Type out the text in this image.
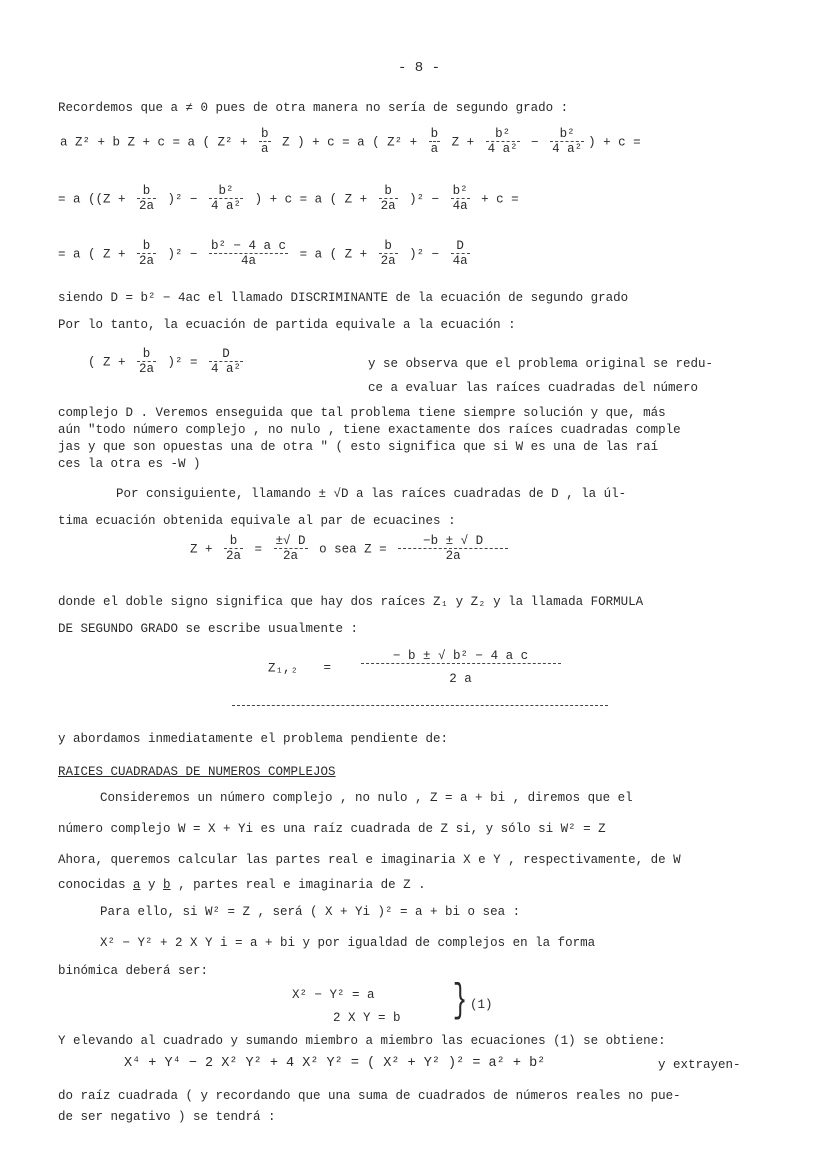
- 8 -
Recordemos que a ≠ 0 pues de otra manera no sería de segundo grado :
a Z² + b Z + c = a ( $Z^2 + \frac{b}{a}$ Z ) + c = a ( $Z^2 + \frac{b}{a}$ $Z + \frac{\text{b²}}{\text{4 a²}} - \frac{\text{b²}}{\text{4 a²}}$ ) + c =
= a ($(Z + \frac{b}{2a} )^2 - \frac{\text{b²}}{\text{4 a²}}$ ) + c = a ( $Z + \frac{b}{2a} )^2 - \frac{\text{b²}}{4a} + c$ =
= a ( $Z + \frac{b}{2a} )^2 - \frac{\text{b² − 4 a c}}{4a} = a$ ( $Z + \frac{b}{2a} )^2 - \frac{D}{4a}$
siendo D = b² − 4ac el llamado DISCRIMINANTE de la ecuación de segundo grado
Por lo tanto, la ecuación de partida equivale a la ecuación :
( $Z + \frac{b}{2a} )^2 = \frac{D}{\text{4 a²}}$	y se observa que el problema original se redu-
ce a evaluar las raíces cuadradas del número
complejo D . Veremos enseguida que tal problema tiene siempre solución y que, más
aún "todo número complejo , no nulo , tiene exactamente dos raíces cuadradas comple
jas y que son opuestas una de otra " ( esto significa que si W es una de las raí
ces la otra es -W )
Por consiguiente, llamando ± √D a las raíces cuadradas de D , la úl-
tima ecuación obtenida equivale al par de ecuacines :
$Z + \frac{b}{2a} = \frac{\pm√ D}{2a}$ o sea $Z = \frac{-b \pm √ D}{2a}$
donde el doble signo significa que hay dos raíces Z₁ y Z₂ y la llamada FORMULA
DE SEGUNDO GRADO se escribe usualmente :
$Z_1,_2 = \frac{\text{− b ± √ b² − 4 a c}}{2 a}$
y abordamos inmediatamente el problema pendiente de:
RAICES CUADRADAS DE NUMEROS COMPLEJOS
Consideremos un número complejo , no nulo , Z = a + bi , diremos que el
número complejo W = X + Yi es una raíz cuadrada de Z si, y sólo si W² = Z
Ahora, queremos calcular las partes real e imaginaria X e Y , respectivamente, de W
conocidas a y b , partes real e imaginaria de Z .
Para ello, si W² = Z , será ( X + Yi )² = a + bi o sea :
X² − Y² + 2 X Y i = a + bi y por igualdad de complejos en la forma
binómica deberá ser:
X² − Y² = a
2 X Y = b } (1)
Y elevando al cuadrado y sumando miembro a miembro las ecuaciones (1) se obtiene:
X⁴ + Y⁴ − 2 X² Y² + 4 X² Y² = ( X² + Y² )² = a² + b²	y extrayen-
do raíz cuadrada ( y recordando que una suma de cuadrados de números reales no pue-
de ser negativo ) se tendrá :
